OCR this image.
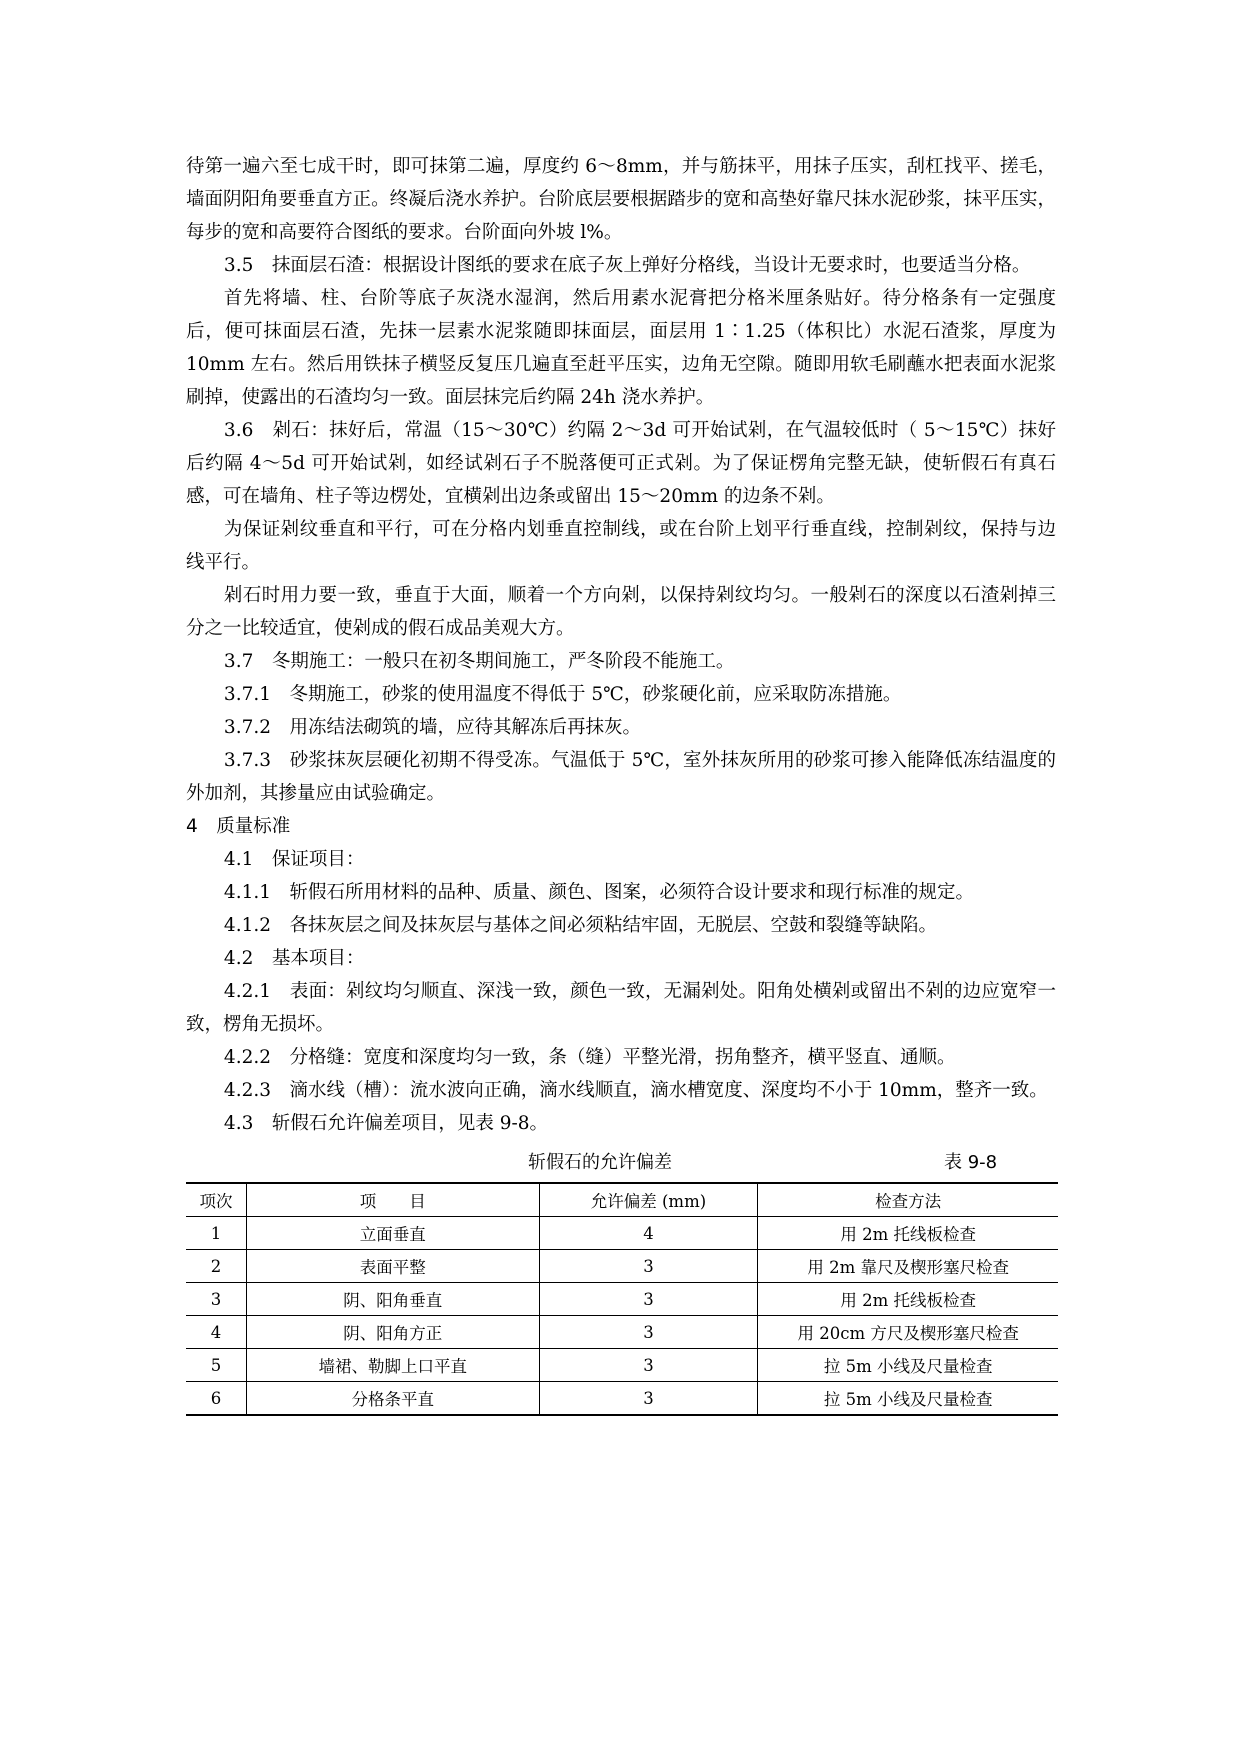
待第一遍六至七成干时，即可抹第二遍，厚度约 6～8mm，并与筋抹平，用抹子压实，刮杠找平、搓毛，墙面阴阳角要垂直方正。终凝后浇水养护。台阶底层要根据踏步的宽和高垫好靠尺抹水泥砂浆，抹平压实，每步的宽和高要符合图纸的要求。台阶面向外坡 l%。

3.5　抹面层石渣：根据设计图纸的要求在底子灰上弹好分格线，当设计无要求时，也要适当分格。

首先将墙、柱、台阶等底子灰浇水湿润，然后用素水泥膏把分格米厘条贴好。待分格条有一定强度后，便可抹面层石渣，先抹一层素水泥浆随即抹面层，面层用 1∶1.25（体积比）水泥石渣浆，厚度为 10mm 左右。然后用铁抹子横竖反复压几遍直至赶平压实，边角无空隙。随即用软毛刷蘸水把表面水泥浆刷掉，使露出的石渣均匀一致。面层抹完后约隔 24h 浇水养护。

3.6　剁石：抹好后，常温（15～30℃）约隔 2～3d 可开始试剁，在气温较低时（ 5～15℃）抹好后约隔 4～5d 可开始试剁，如经试剁石子不脱落便可正式剁。为了保证楞角完整无缺，使斩假石有真石感，可在墙角、柱子等边楞处，宜横剁出边条或留出 15～20mm 的边条不剁。

为保证剁纹垂直和平行，可在分格内划垂直控制线，或在台阶上划平行垂直线，控制剁纹，保持与边线平行。

剁石时用力要一致，垂直于大面，顺着一个方向剁，以保持剁纹均匀。一般剁石的深度以石渣剁掉三分之一比较适宜，使剁成的假石成品美观大方。

3.7　冬期施工：一般只在初冬期间施工，严冬阶段不能施工。

3.7.1　冬期施工，砂浆的使用温度不得低于 5℃，砂浆硬化前，应采取防冻措施。

3.7.2　用冻结法砌筑的墙，应待其解冻后再抹灰。

3.7.3　砂浆抹灰层硬化初期不得受冻。气温低于 5℃，室外抹灰所用的砂浆可掺入能降低冻结温度的外加剂，其掺量应由试验确定。

4　质量标准

4.1　保证项目：

4.1.1　斩假石所用材料的品种、质量、颜色、图案，必须符合设计要求和现行标准的规定。

4.1.2　各抹灰层之间及抹灰层与基体之间必须粘结牢固，无脱层、空鼓和裂缝等缺陷。

4.2　基本项目：

4.2.1　表面：剁纹均匀顺直、深浅一致，颜色一致，无漏剁处。阳角处横剁或留出不剁的边应宽窄一致，楞角无损坏。

4.2.2　分格缝：宽度和深度均匀一致，条（缝）平整光滑，拐角整齐，横平竖直、通顺。

4.2.3　滴水线（槽）：流水波向正确，滴水线顺直，滴水槽宽度、深度均不小于 10mm，整齐一致。

4.3　斩假石允许偏差项目，见表 9-8。

斩假石的允许偏差	表 9-8
项次	项　　目	允许偏差 (mm)	检查方法
1	立面垂直	4	用 2m 托线板检查
2	表面平整	3	用 2m 靠尺及楔形塞尺检查
3	阴、阳角垂直	3	用 2m 托线板检查
4	阴、阳角方正	3	用 20cm 方尺及楔形塞尺检查
5	墙裙、勒脚上口平直	3	拉 5m 小线及尺量检查
6	分格条平直	3	拉 5m 小线及尺量检查
